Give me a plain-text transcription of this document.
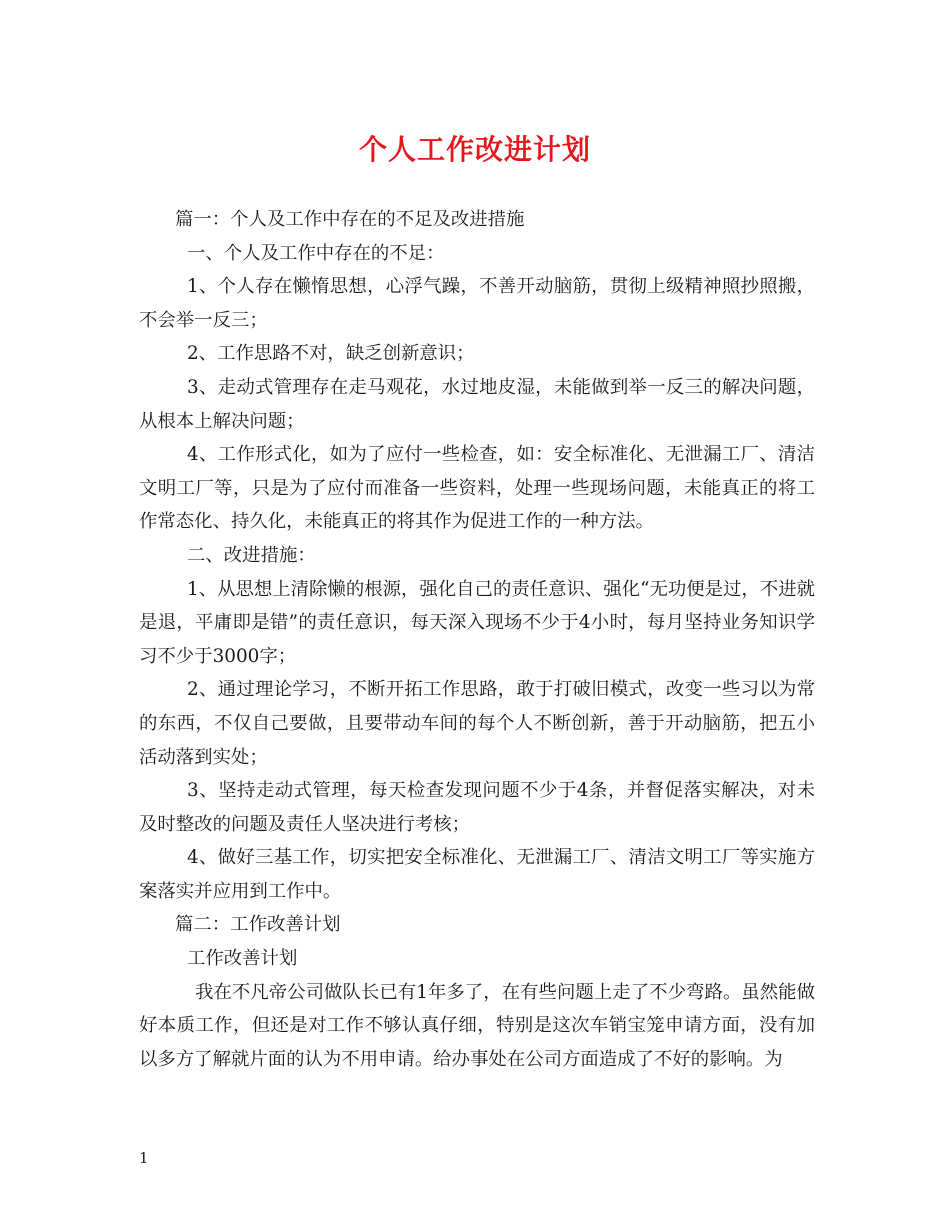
个人工作改进计划

篇一：个人及工作中存在的不足及改进措施

一、个人及工作中存在的不足：

1、个人存在懒惰思想，心浮气躁，不善开动脑筋，贯彻上级精神照抄照搬，不会举一反三；

2、工作思路不对，缺乏创新意识；

3、走动式管理存在走马观花，水过地皮湿，未能做到举一反三的解决问题，从根本上解决问题；

4、工作形式化，如为了应付一些检查，如：安全标准化、无泄漏工厂、清洁文明工厂等，只是为了应付而准备一些资料，处理一些现场问题，未能真正的将工作常态化、持久化，未能真正的将其作为促进工作的一种方法。

二、改进措施：

1、从思想上清除懒的根源，强化自己的责任意识、强化“无功便是过，不进就是退，平庸即是错”的责任意识，每天深入现场不少于4小时，每月坚持业务知识学习不少于3000字；

2、通过理论学习，不断开拓工作思路，敢于打破旧模式，改变一些习以为常的东西，不仅自己要做，且要带动车间的每个人不断创新，善于开动脑筋，把五小活动落到实处；

3、坚持走动式管理，每天检查发现问题不少于4条，并督促落实解决，对未及时整改的问题及责任人坚决进行考核；

4、做好三基工作，切实把安全标准化、无泄漏工厂、清洁文明工厂等实施方案落实并应用到工作中。

篇二：工作改善计划

工作改善计划

我在不凡帝公司做队长已有1年多了，在有些问题上走了不少弯路。虽然能做好本质工作，但还是对工作不够认真仔细，特别是这次车销宝笼申请方面，没有加以多方了解就片面的认为不用申请。给办事处在公司方面造成了不好的影响。为

1
